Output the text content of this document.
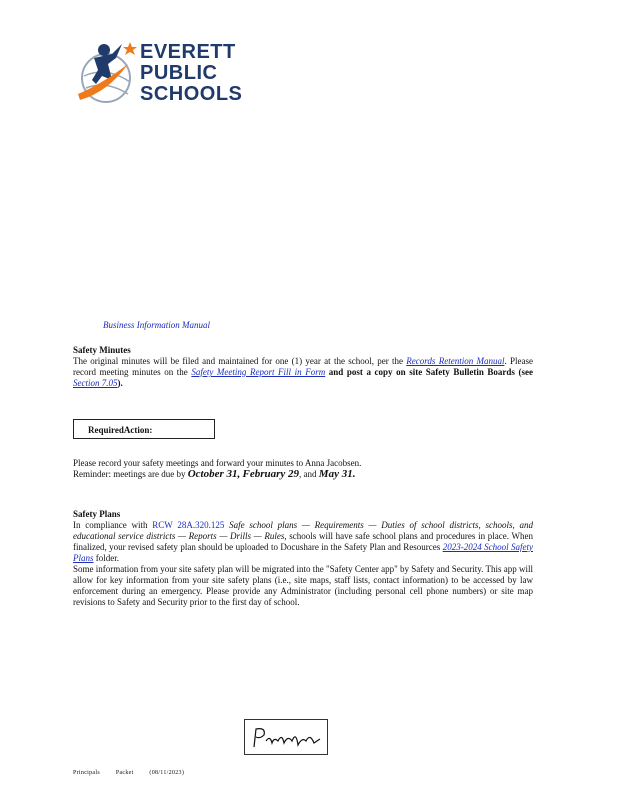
EVERETT
PUBLIC
SCHOOLS
Business Information Manual
Safety Minutes
The original minutes will be filed and maintained for one (1) year at the school, per the Records Retention Manual. Please record meeting minutes on the Safety Meeting Report Fill in Form and post a copy on site Safety Bulletin Boards (see Section 7.05).
RequiredAction:
Please record your safety meetings and forward your minutes to Anna Jacobsen.
Reminder: meetings are due by October 31, February 29, and May 31.
Safety Plans
In compliance with RCW 28A.320.125 Safe school plans — Requirements — Duties of school districts, schools, and educational service districts — Reports — Drills — Rules, schools will have safe school plans and procedures in place. When finalized, your revised safety plan should be uploaded to Docushare in the Safety Plan and Resources 2023-2024 School Safety Plans folder.
Some information from your site safety plan will be migrated into the "Safety Center app" by Safety and Security. This app will allow for key information from your site safety plans (i.e., site maps, staff lists, contact information) to be accessed by law enforcement during an emergency. Please provide any Administrator (including personal cell phone numbers) or site map revisions to Safety and Security prior to the first day of school.
Principals	Packet	(08/11/2023)
